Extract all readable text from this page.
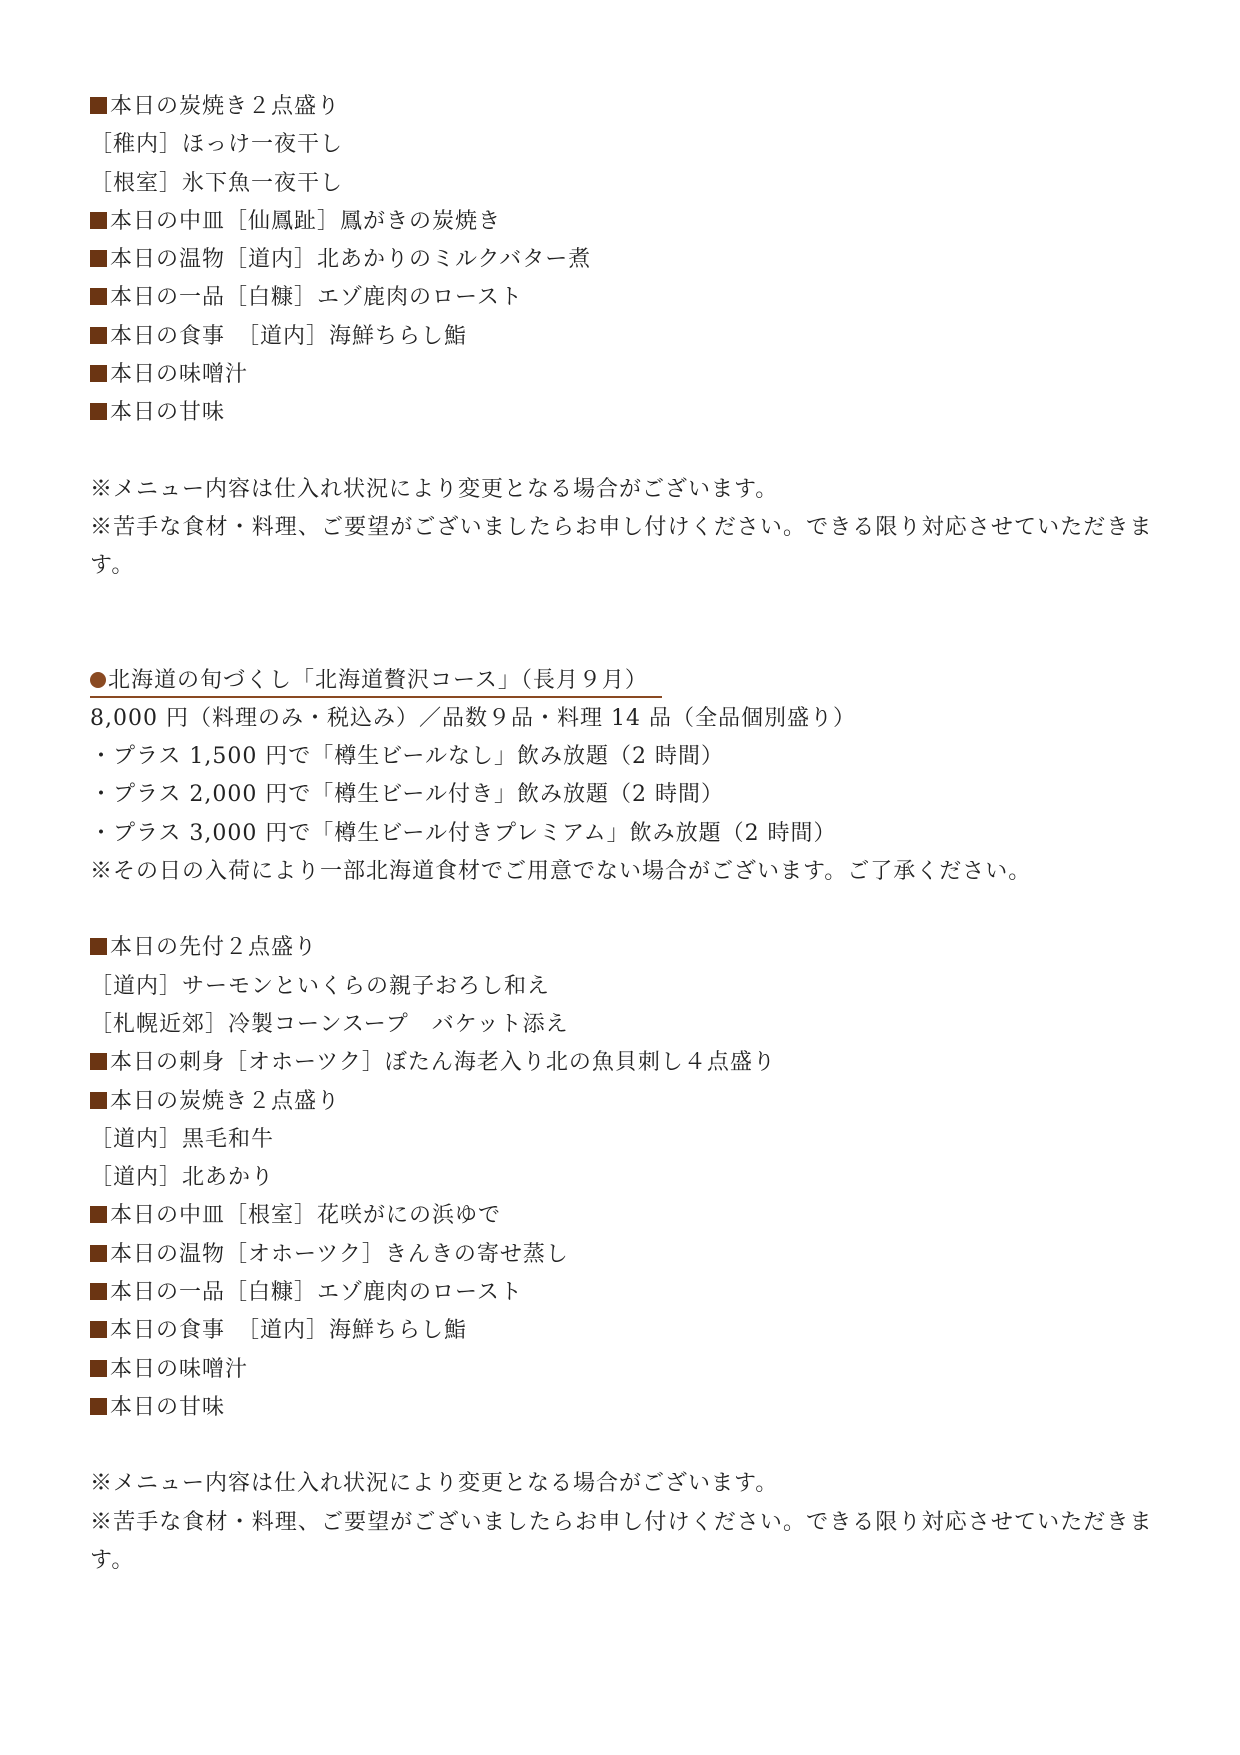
本日の炭焼き２点盛り
［稚内］ほっけ一夜干し
［根室］氷下魚一夜干し
本日の中皿［仙鳳趾］鳳がきの炭焼き
本日の温物［道内］北あかりのミルクバター煮
本日の一品［白糠］エゾ鹿肉のロースト
本日の食事　［道内］海鮮ちらし鮨
本日の味噌汁
本日の甘味
※メニュー内容は仕入れ状況により変更となる場合がございます。
※苦手な食材・料理、ご要望がございましたらお申し付けください。できる限り対応させていただきます。
北海道の旬づくし「北海道贅沢コース」（長月９月）
8,000 円（料理のみ・税込み）／品数９品・料理 14 品（全品個別盛り）
・プラス 1,500 円で「樽生ビールなし」飲み放題（2 時間）
・プラス 2,000 円で「樽生ビール付き」飲み放題（2 時間）
・プラス 3,000 円で「樽生ビール付きプレミアム」飲み放題（2 時間）
※その日の入荷により一部北海道食材でご用意でない場合がございます。ご了承ください。
本日の先付２点盛り
［道内］サーモンといくらの親子おろし和え
［札幌近郊］冷製コーンスープ　バケット添え
本日の刺身［オホーツク］ぼたん海老入り北の魚貝刺し４点盛り
本日の炭焼き２点盛り
［道内］黒毛和牛
［道内］北あかり
本日の中皿［根室］花咲がにの浜ゆで
本日の温物［オホーツク］きんきの寄せ蒸し
本日の一品［白糠］エゾ鹿肉のロースト
本日の食事　［道内］海鮮ちらし鮨
本日の味噌汁
本日の甘味
※メニュー内容は仕入れ状況により変更となる場合がございます。
※苦手な食材・料理、ご要望がございましたらお申し付けください。できる限り対応させていただきます。
